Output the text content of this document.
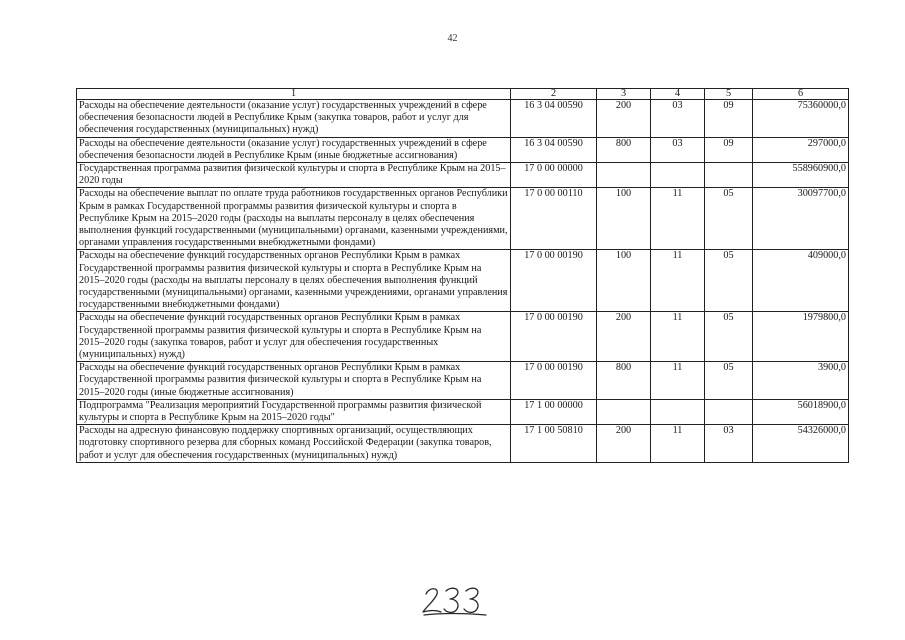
42
1	2	3	4	5	6
Расходы на обеспечение деятельности (оказание услуг) государственных учреждений в сфере обеспечения безопасности людей в Республике Крым (закупка товаров, работ и услуг для обеспечения государственных (муниципальных) нужд)	16 3 04 00590	200	03	09	75360000,0
Расходы на обеспечение деятельности (оказание услуг) государственных учреждений в сфере обеспечения безопасности людей в Республике Крым (иные бюджетные ассигнования)	16 3 04 00590	800	03	09	297000,0
Государственная программа развития физической культуры и спорта в Республике Крым на 2015–2020 годы	17 0 00 00000				558960900,0
Расходы на обеспечение выплат по оплате труда работников государственных органов Республики Крым в рамках Государственной программы развития физической культуры и спорта в Республике Крым на 2015–2020 годы (расходы на выплаты персоналу в целях обеспечения выполнения функций государственными (муниципальными) органами, казенными учреждениями, органами управления государственными внебюджетными фондами)	17 0 00 00110	100	11	05	30097700,0
Расходы на обеспечение функций государственных органов Республики Крым в рамках Государственной программы развития физической культуры и спорта в Республике Крым на 2015–2020 годы (расходы на выплаты персоналу в целях обеспечения выполнения функций государственными (муниципальными) органами, казенными учреждениями, органами управления государственными внебюджетными фондами)	17 0 00 00190	100	11	05	409000,0
Расходы на обеспечение функций государственных органов Республики Крым в рамках Государственной программы развития физической культуры и спорта в Республике Крым на 2015–2020 годы (закупка товаров, работ и услуг для обеспечения государственных (муниципальных) нужд)	17 0 00 00190	200	11	05	1979800,0
Расходы на обеспечение функций государственных органов Республики Крым в рамках Государственной программы развития физической культуры и спорта в Республике Крым на 2015–2020 годы (иные бюджетные ассигнования)	17 0 00 00190	800	11	05	3900,0
Подпрограмма "Реализация мероприятий Государственной программы развития физической культуры и спорта в Республике Крым на 2015–2020 годы"	17 1 00 00000				56018900,0
Расходы на адресную финансовую поддержку спортивных организаций, осуществляющих подготовку спортивного резерва для сборных команд Российской Федерации (закупка товаров, работ и услуг для обеспечения государственных (муниципальных) нужд)	17 1 00 50810	200	11	03	54326000,0
